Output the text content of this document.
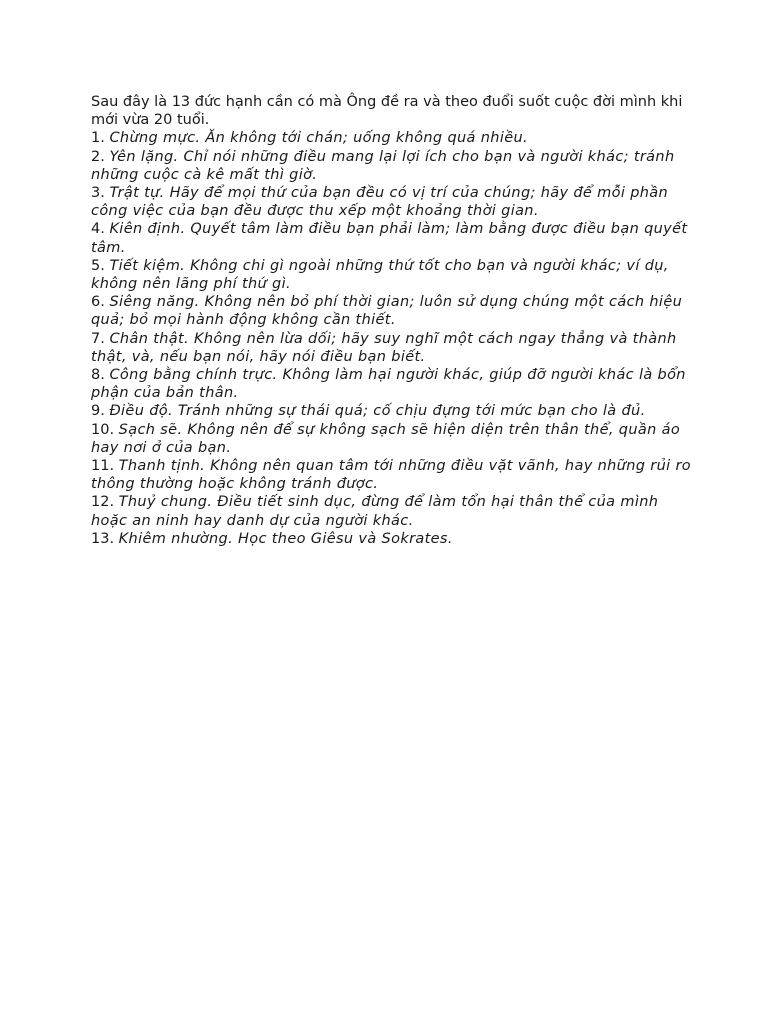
Sau đây là 13 đức hạnh cần có mà Ông đề ra và theo đuổi suốt cuộc đời mình khi mới vừa 20 tuổi.

1. Chừng mực. Ăn không tới chán; uống không quá nhiều.

2. Yên lặng. Chỉ nói những điều mang lại lợi ích cho bạn và người khác; tránh những cuộc cà kê mất thì giờ.

3. Trật tự. Hãy để mọi thứ của bạn đều có vị trí của chúng; hãy để mỗi phần công việc của bạn đều được thu xếp một khoảng thời gian.

4. Kiên định. Quyết tâm làm điều bạn phải làm; làm bằng được điều bạn quyết tâm.

5. Tiết kiệm. Không chi gì ngoài những thứ tốt cho bạn và người khác; ví dụ, không nên lãng phí thứ gì.

6. Siêng năng. Không nên bỏ phí thời gian; luôn sử dụng chúng một cách hiệu quả; bỏ mọi hành động không cần thiết.

7. Chân thật. Không nên lừa dối; hãy suy nghĩ một cách ngay thẳng và thành thật, và, nếu bạn nói, hãy nói điều bạn biết.

8. Công bằng chính trực. Không làm hại người khác, giúp đỡ người khác là bổn phận của bản thân.

9. Điều độ. Tránh những sự thái quá; cố chịu đựng tới mức bạn cho là đủ.

10. Sạch sẽ. Không nên để sự không sạch sẽ hiện diện trên thân thể, quần áo hay nơi ở của bạn.

11. Thanh tịnh. Không nên quan tâm tới những điều vặt vãnh, hay những rủi ro thông thường hoặc không tránh được.

12. Thuỷ chung. Điều tiết sinh dục, đừng để làm tổn hại thân thể của mình hoặc an ninh hay danh dự của người khác.

13. Khiêm nhường. Học theo Giêsu và Sokrates.
